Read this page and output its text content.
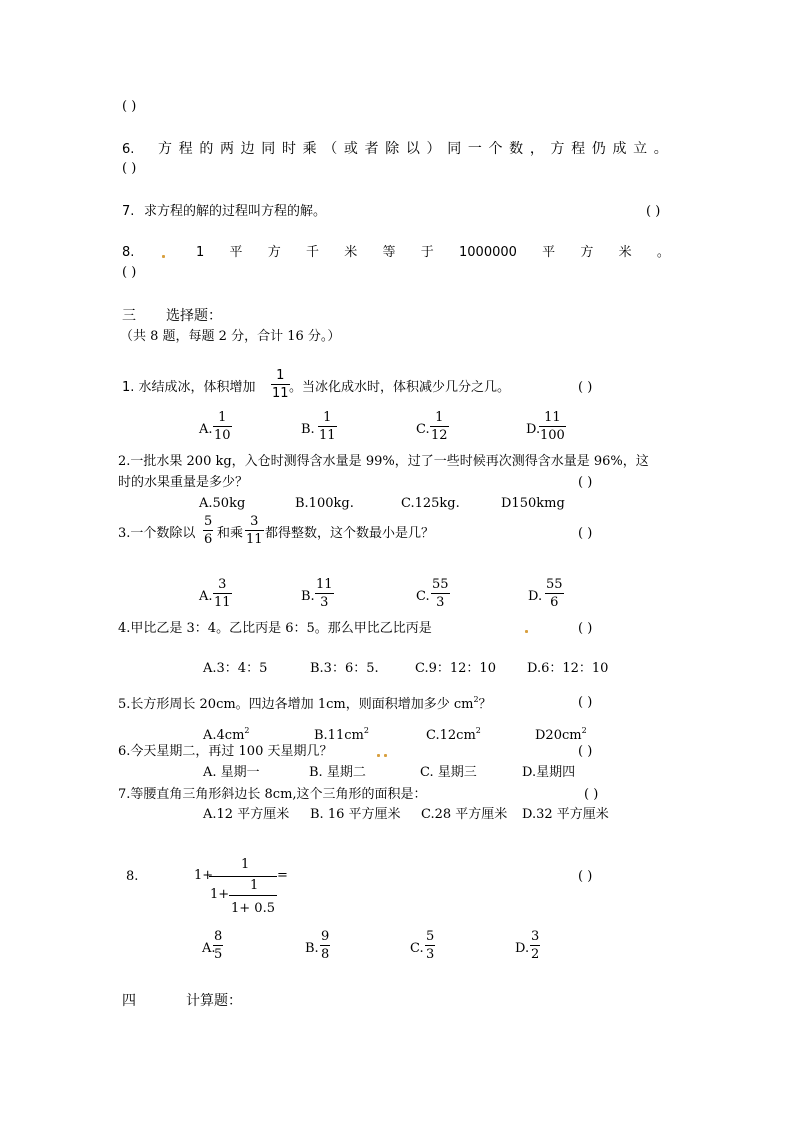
( )
6. 方 程 的 两 边 同 时 乘 （ 或 者 除 以 ） 同 一 个 数 ， 方 程 仍 成 立 。
( )
7. 求方程的解的过程叫方程的解。	( )
8.	1 平 方 千 米 等 于 1000000 平 方 米 。
( )
三 选择题：
（共 8 题，每题 2 分，合计 16 分。）
1. 水结成冰，体积增加
1
11 。当冰化成水时，体积减少几分之几。	( )
A.
1
10	B.
1
11	C.
1
12	D.
11
100
2.一批水果 200 kg，入仓时测得含水量是 99%，过了一些时候再次测得含水量是 96%，这
时的水果重量是多少？	( )
A.50kg	B.100kg.	C.125kg.	D150kmg
3.一个数除以
5
6 和乘
3
11 都得整数，这个数最小是几？	( )
A.
3
11	B.
11
3	C.
55
3	D.
55
6
4.甲比乙是 3：4。乙比丙是 6：5。那么甲比乙比丙是	( )
A.3：4：5	B.3：6：5.	C.9：12：10 D.6：12：10
5.长方形周长 20cm。四边各增加 1cm，则面积增加多少 $cm^2$？	( )
$A.4cm^2$	$B.11cm^2$	$C.12cm^2$	$D20cm^2$
6.今天星期二，再过 100 天星期几？	( )
A. 星期一	B. 星期二	C. 星期三	D.星期四
7.等腰直角三角形斜边长 8cm,这个三角形的面积是：	( )
A.12 平方厘米 B. 16 平方厘米 C.28 平方厘米 D.32 平方厘米
8.	1+
1
=
1+
1
1+ 0.5
( )
A.
8
5	B.
9
8	C.
5
3	D.
3
2
四	计算题：
